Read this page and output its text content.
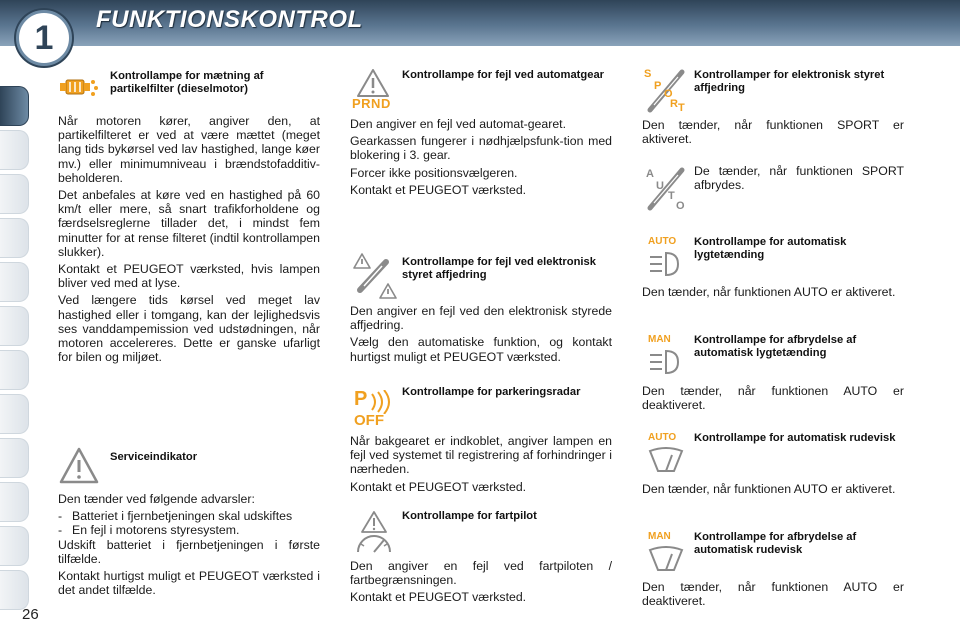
FUNKTIONSKONTROL
1
Kontrollampe for mætning af partikelfilter (dieselmotor)

Når motoren kører, angiver den, at partikelfilteret er ved at være mættet (meget lang tids bykørsel ved lav hastighed, lange køer mv.) eller minimumniveau i brændstofadditiv-beholderen.

Det anbefales at køre ved en hastighed på 60 km/t eller mere, så snart trafikforholdene og færdselsreglerne tillader det, i mindst fem minutter for at rense filteret (indtil kontrollampen slukker).

Kontakt et PEUGEOT værksted, hvis lampen bliver ved med at lyse.

Ved længere tids kørsel ved meget lav hastighed eller i tomgang, kan der lejlighedsvis ses vanddampemission ved udstødningen, når motoren accelereres. Dette er ganske ufarligt for bilen og miljøet.

Serviceindikator

Den tænder ved følgende advarsler:

- Batteriet i fjernbetjeningen skal udskiftes
- En fejl i motorens styresystem.

Udskift batteriet i fjernbetjeningen i første tilfælde.

Kontakt hurtigst muligt et PEUGEOT værksted i det andet tilfælde.

PRND
Kontrollampe for fejl ved automatgear

Den angiver en fejl ved automat-gearet.

Gearkassen fungerer i nødhjælpsfunk-tion med blokering i 3. gear.

Forcer ikke positionsvælgeren.

Kontakt et PEUGEOT værksted.

Kontrollampe for fejl ved elektronisk styret affjedring

Den angiver en fejl ved den elektronisk styrede affjedring.

Vælg den automatiske funktion, og kontakt hurtigst muligt et PEUGEOT værksted.

P
OFF
Kontrollampe for parkeringsradar

Når bakgearet er indkoblet, angiver lampen en fejl ved systemet til registrering af forhindringer i nærheden.

Kontakt et PEUGEOT værksted.

Kontrollampe for fartpilot

Den angiver en fejl ved fartpiloten / fartbegrænsningen.

Kontakt et PEUGEOT værksted.

S
P
O
R T
Kontrollamper for elektronisk styret affjedring

Den tænder, når funktionen SPORT er aktiveret.

A
U
T
O

De tænder, når funktionen SPORT afbrydes.

AUTO Kontrollampe for automatisk lygtetænding

Den tænder, når funktionen AUTO er aktiveret.

MAN Kontrollampe for afbrydelse af automatisk lygtetænding

Den tænder, når funktionen AUTO er deaktiveret.

AUTO Kontrollampe for automatisk rudevisk

Den tænder, når funktionen AUTO er aktiveret.

MAN Kontrollampe for afbrydelse af automatisk rudevisk

Den tænder, når funktionen AUTO er deaktiveret.

26
